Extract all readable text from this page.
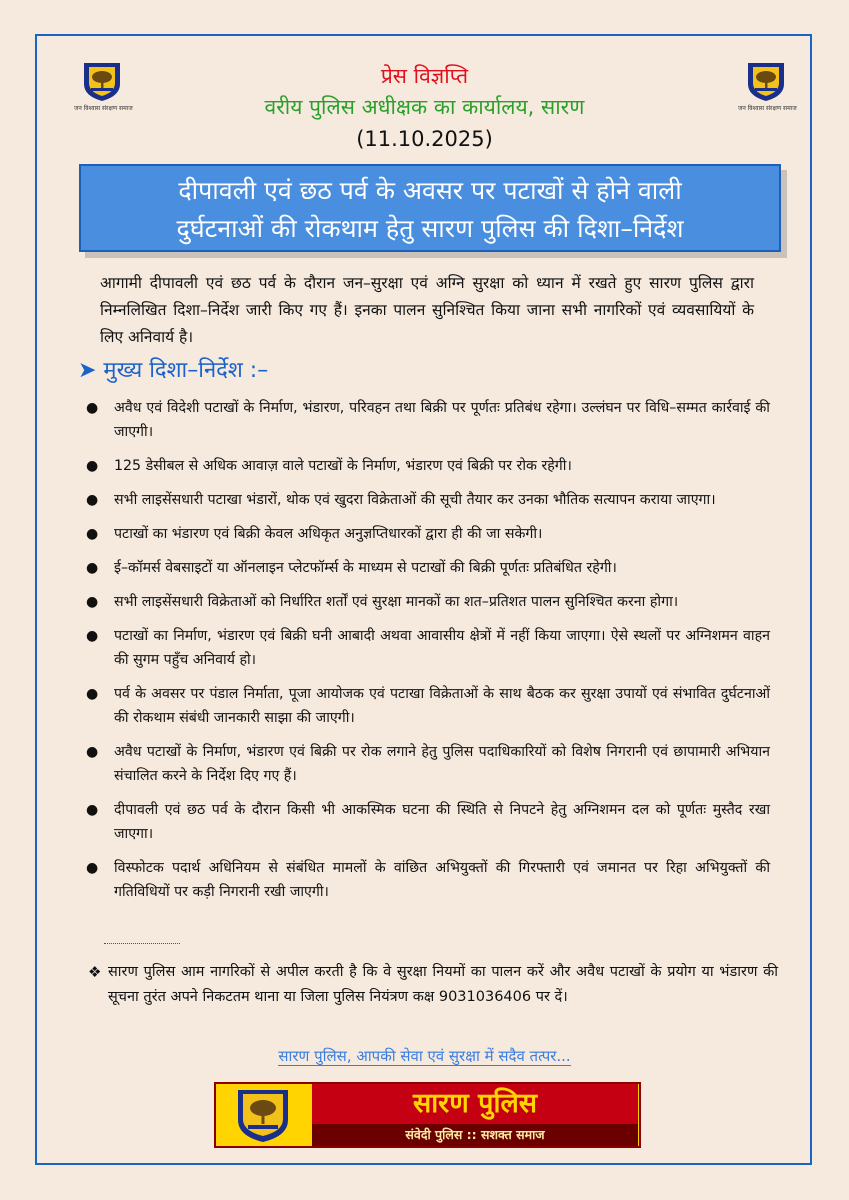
जन विश्वास संरक्षण समाज	जन विश्वास संरक्षण समाज
प्रेस विज्ञप्ति
वरीय पुलिस अधीक्षक का कार्यालय, सारण
(11.10.2025)
दीपावली एवं छठ पर्व के अवसर पर पटाखों से होने वाली
दुर्घटनाओं की रोकथाम हेतु सारण पुलिस की दिशा–निर्देश
आगामी दीपावली एवं छठ पर्व के दौरान जन–सुरक्षा एवं अग्नि सुरक्षा को ध्यान में रखते हुए सारण पुलिस द्वारा निम्नलिखित दिशा–निर्देश जारी किए गए हैं। इनका पालन सुनिश्चित किया जाना सभी नागरिकों एवं व्यवसायियों के लिए अनिवार्य है।
➤ मुख्य दिशा–निर्देश :–
● अवैध एवं विदेशी पटाखों के निर्माण, भंडारण, परिवहन तथा बिक्री पर पूर्णतः प्रतिबंध रहेगा। उल्लंघन पर विधि–सम्मत कार्रवाई की जाएगी।
● 125 डेसीबल से अधिक आवाज़ वाले पटाखों के निर्माण, भंडारण एवं बिक्री पर रोक रहेगी।
● सभी लाइसेंसधारी पटाखा भंडारों, थोक एवं खुदरा विक्रेताओं की सूची तैयार कर उनका भौतिक सत्यापन कराया जाएगा।
● पटाखों का भंडारण एवं बिक्री केवल अधिकृत अनुज्ञप्तिधारकों द्वारा ही की जा सकेगी।
● ई–कॉमर्स वेबसाइटों या ऑनलाइन प्लेटफॉर्म्स के माध्यम से पटाखों की बिक्री पूर्णतः प्रतिबंधित रहेगी।
● सभी लाइसेंसधारी विक्रेताओं को निर्धारित शर्तों एवं सुरक्षा मानकों का शत–प्रतिशत पालन सुनिश्चित करना होगा।
● पटाखों का निर्माण, भंडारण एवं बिक्री घनी आबादी अथवा आवासीय क्षेत्रों में नहीं किया जाएगा। ऐसे स्थलों पर अग्निशमन वाहन की सुगम पहुँच अनिवार्य हो।
● पर्व के अवसर पर पंडाल निर्माता, पूजा आयोजक एवं पटाखा विक्रेताओं के साथ बैठक कर सुरक्षा उपायों एवं संभावित दुर्घटनाओं की रोकथाम संबंधी जानकारी साझा की जाएगी।
● अवैध पटाखों के निर्माण, भंडारण एवं बिक्री पर रोक लगाने हेतु पुलिस पदाधिकारियों को विशेष निगरानी एवं छापामारी अभियान संचालित करने के निर्देश दिए गए हैं।
● दीपावली एवं छठ पर्व के दौरान किसी भी आकस्मिक घटना की स्थिति से निपटने हेतु अग्निशमन दल को पूर्णतः मुस्तैद रखा जाएगा।
● विस्फोटक पदार्थ अधिनियम से संबंधित मामलों के वांछित अभियुक्तों की गिरफ्तारी एवं जमानत पर रिहा अभियुक्तों की गतिविधियों पर कड़ी निगरानी रखी जाएगी।
❖ सारण पुलिस आम नागरिकों से अपील करती है कि वे सुरक्षा नियमों का पालन करें और अवैध पटाखों के प्रयोग या भंडारण की सूचना तुरंत अपने निकटतम थाना या जिला पुलिस नियंत्रण कक्ष 9031036406 पर दें।
सारण पुलिस, आपकी सेवा एवं सुरक्षा में सदैव तत्पर...
सारण पुलिस
संवेदी पुलिस :: सशक्त समाज
